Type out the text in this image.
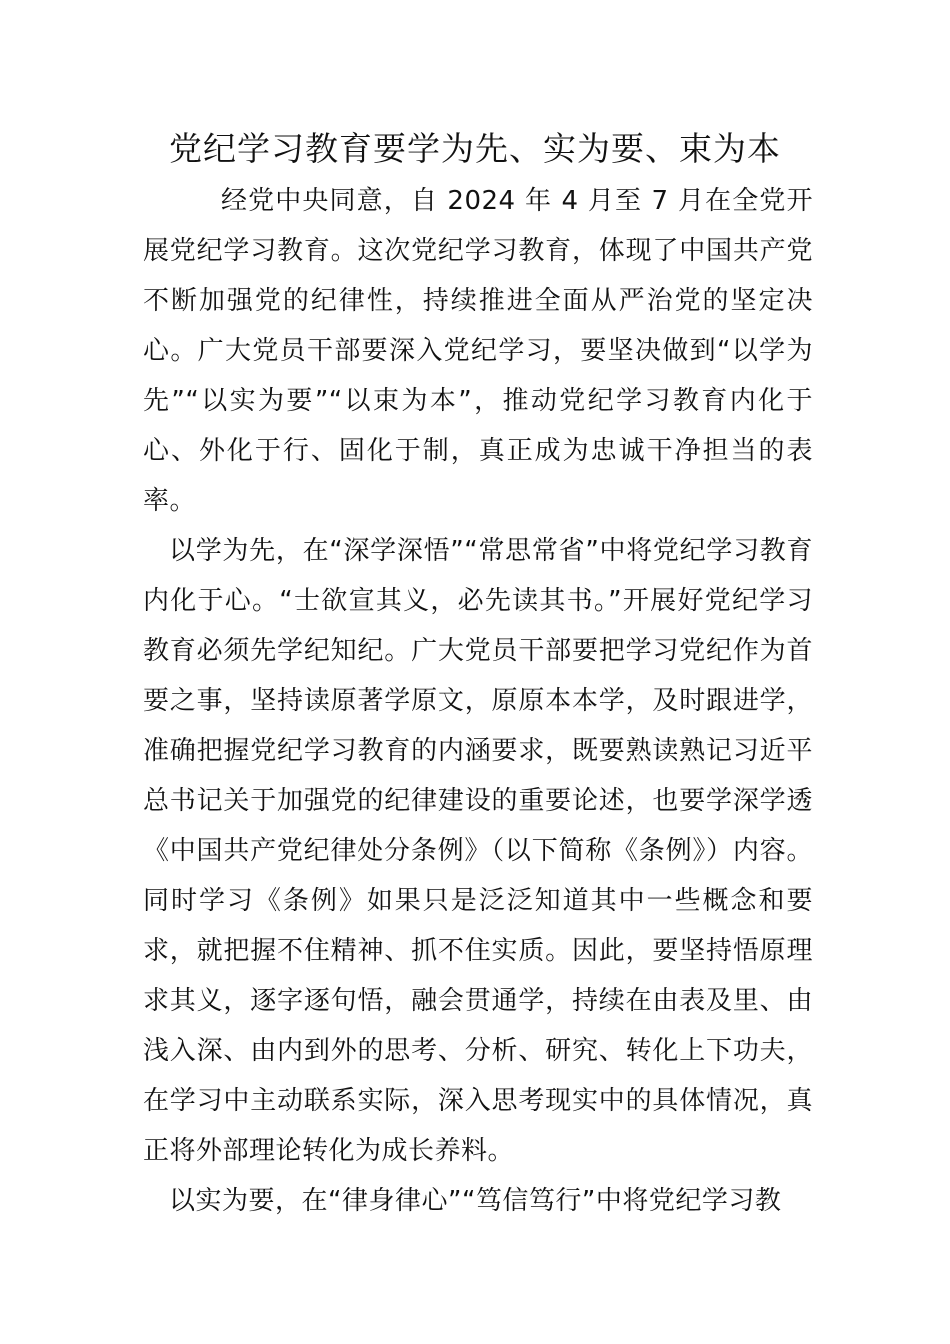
党纪学习教育要学为先、实为要、束为本

经党中央同意，自 2024 年 4 月至 7 月在全党开展党纪学习教育。这次党纪学习教育，体现了中国共产党不断加强党的纪律性，持续推进全面从严治党的坚定决心。广大党员干部要深入党纪学习，要坚决做到“以学为先”“以实为要”“以束为本”，推动党纪学习教育内化于心、外化于行、固化于制，真正成为忠诚干净担当的表率。

以学为先，在“深学深悟”“常思常省”中将党纪学习教育内化于心。“士欲宣其义，必先读其书。”开展好党纪学习教育必须先学纪知纪。广大党员干部要把学习党纪作为首要之事，坚持读原著学原文，原原本本学，及时跟进学，准确把握党纪学习教育的内涵要求，既要熟读熟记习近平总书记关于加强党的纪律建设的重要论述，也要学深学透《中国共产党纪律处分条例》（以下简称《条例》）内容。同时学习《条例》如果只是泛泛知道其中一些概念和要求，就把握不住精神、抓不住实质。因此，要坚持悟原理求其义，逐字逐句悟，融会贯通学，持续在由表及里、由浅入深、由内到外的思考、分析、研究、转化上下功夫，在学习中主动联系实际，深入思考现实中的具体情况，真正将外部理论转化为成长养料。

以实为要，在“律身律心”“笃信笃行”中将党纪学习教
